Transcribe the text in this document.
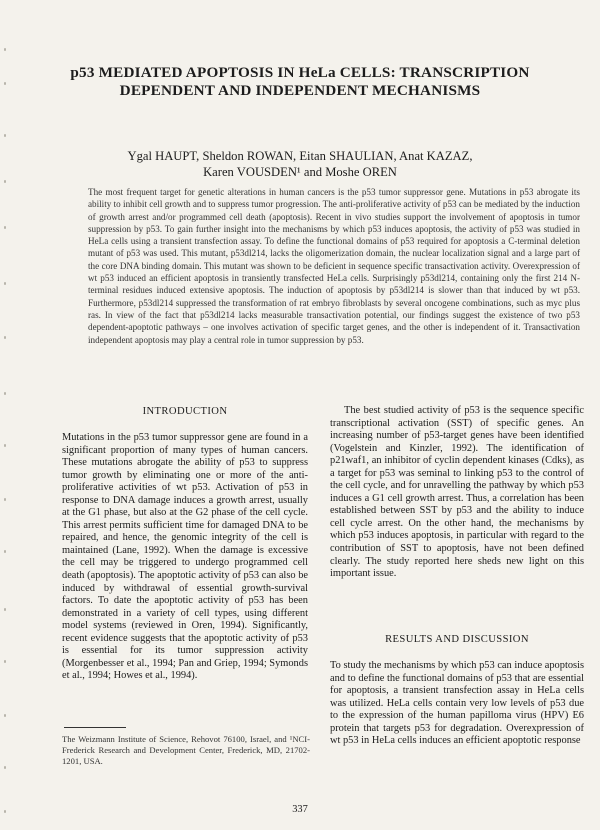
p53 MEDIATED APOPTOSIS IN HeLa CELLS: TRANSCRIPTION DEPENDENT AND INDEPENDENT MECHANISMS
Ygal HAUPT, Sheldon ROWAN, Eitan SHAULIAN, Anat KAZAZ,
Karen VOUSDEN¹ and Moshe OREN
The most frequent target for genetic alterations in human cancers is the p53 tumor suppressor gene. Mutations in p53 abrogate its ability to inhibit cell growth and to suppress tumor progression. The anti-proliferative activity of p53 can be mediated by the induction of growth arrest and/or programmed cell death (apoptosis). Recent in vivo studies support the involvement of apoptosis in tumor suppression by p53. To gain further insight into the mechanisms by which p53 induces apoptosis, the activity of p53 was studied in HeLa cells using a transient transfection assay. To define the functional domains of p53 required for apoptosis a C-terminal deletion mutant of p53 was used. This mutant, p53dl214, lacks the oligomerization domain, the nuclear localization signal and a large part of the core DNA binding domain. This mutant was shown to be deficient in sequence specific transactivation activity. Overexpression of wt p53 induced an efficient apoptosis in transiently transfected HeLa cells. Surprisingly p53dl214, containing only the first 214 N-terminal residues induced extensive apoptosis. The induction of apoptosis by p53dl214 is slower than that induced by wt p53. Furthermore, p53dl214 suppressed the transformation of rat embryo fibroblasts by several oncogene combinations, such as myc plus ras. In view of the fact that p53dl214 lacks measurable transactivation potential, our findings suggest the existence of two p53 dependent-apoptotic pathways – one involves activation of specific target genes, and the other is independent of it. Transactivation independent apoptosis may play a central role in tumor suppression by p53.
INTRODUCTION
Mutations in the p53 tumor suppressor gene are found in a significant proportion of many types of human cancers. These mutations abrogate the ability of p53 to suppress tumor growth by eliminating one or more of the anti-proliferative activities of wt p53. Activation of p53 in response to DNA damage induces a growth arrest, usually at the G1 phase, but also at the G2 phase of the cell cycle. This arrest permits sufficient time for damaged DNA to be repaired, and hence, the genomic integrity of the cell is maintained (Lane, 1992). When the damage is excessive the cell may be triggered to undergo programmed cell death (apoptosis). The apoptotic activity of p53 can also be induced by withdrawal of essential growth-survival factors. To date the apoptotic activity of p53 has been demonstrated in a variety of cell types, using different model systems (reviewed in Oren, 1994). Significantly, recent evidence suggests that the apoptotic activity of p53 is essential for its tumor suppression activity (Morgenbesser et al., 1994; Pan and Griep, 1994; Symonds et al., 1994; Howes et al., 1994).
The best studied activity of p53 is the sequence specific transcriptional activation (SST) of specific genes. An increasing number of p53-target genes have been identified (Vogelstein and Kinzler, 1992). The identification of p21waf1, an inhibitor of cyclin dependent kinases (Cdks), as a target for p53 was seminal to linking p53 to the control of the cell cycle, and for unravelling the pathway by which p53 induces a G1 cell growth arrest. Thus, a correlation has been established between SST by p53 and the ability to induce cell cycle arrest. On the other hand, the mechanisms by which p53 induces apoptosis, in particular with regard to the contribution of SST to apoptosis, have not been defined clearly. The study reported here sheds new light on this important issue.
RESULTS AND DISCUSSION
To study the mechanisms by which p53 can induce apoptosis and to define the functional domains of p53 that are essential for apoptosis, a transient transfection assay in HeLa cells was utilized. HeLa cells contain very low levels of p53 due to the expression of the human papilloma virus (HPV) E6 protein that targets p53 for degradation. Overexpression of wt p53 in HeLa cells induces an efficient apoptotic response
The Weizmann Institute of Science, Rehovot 76100, Israel, and ¹NCI-Frederick Research and Development Center, Frederick, MD, 21702-1201, USA.
337
